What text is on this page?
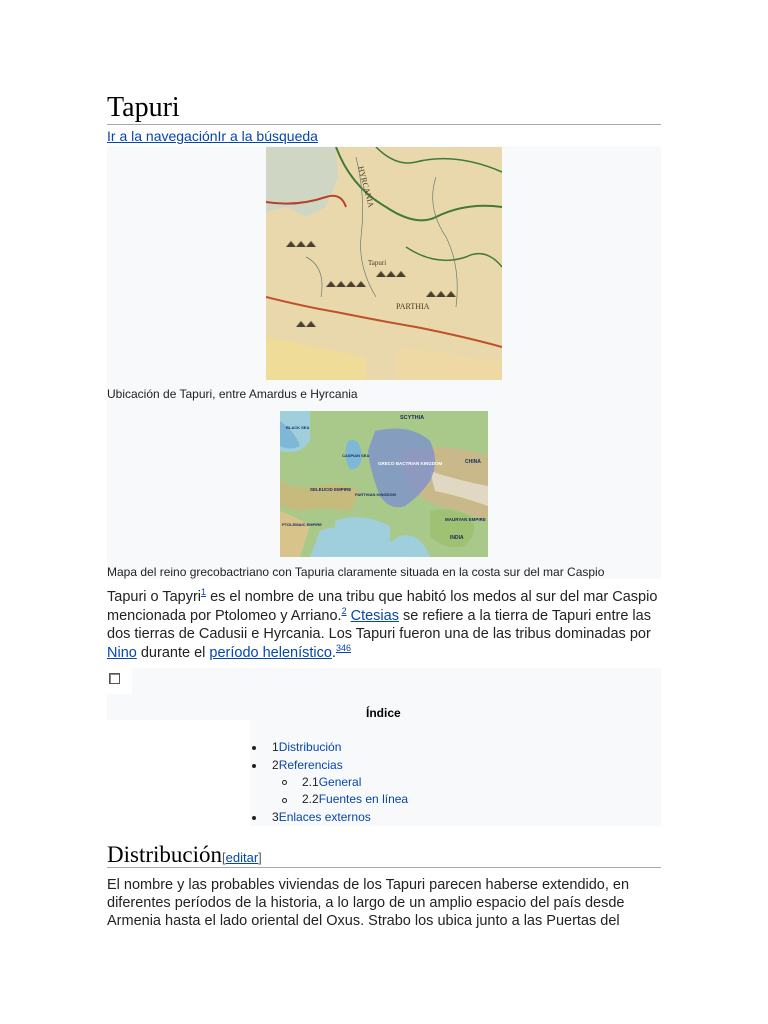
Tapuri
Ir a la navegaciónIr a la búsqueda
HYRCANIA
Tapuri
PARTHIA
Ubicación de Tapuri, entre Amardus e Hyrcania
SCYTHIA
BLACK SEA
CASPIAN SEA
GRECO BACTRIAN KINGDOM	CHINA
SELEUCID EMPIRE
PARTHIAN KINGDOM
PTOLEMAIC EMPIRE
MAURYAN EMPIRE
INDIA
Mapa del reino grecobactriano con Tapuria claramente situada en la costa sur del mar Caspio
Tapuri o Tapyri$^1$ es el nombre de una tribu que habitó los medos al sur del mar Caspio mencionada por Ptolomeo y Arriano.$^2$ Ctesias se refiere a la tierra de Tapuri entre las dos tierras de Cadusii e Hyrcania. Los Tapuri fueron una de las tribus dominadas por Nino durante el período helenístico.$^{346}$
Índice
1Distribución
2Referencias
2.1General
2.2Fuentes en línea
3Enlaces externos
Distribución[editar]
El nombre y las probables viviendas de los Tapuri parecen haberse extendido, en diferentes períodos de la historia, a lo largo de un amplio espacio del país desde Armenia hasta el lado oriental del Oxus. Strabo los ubica junto a las Puertas del
